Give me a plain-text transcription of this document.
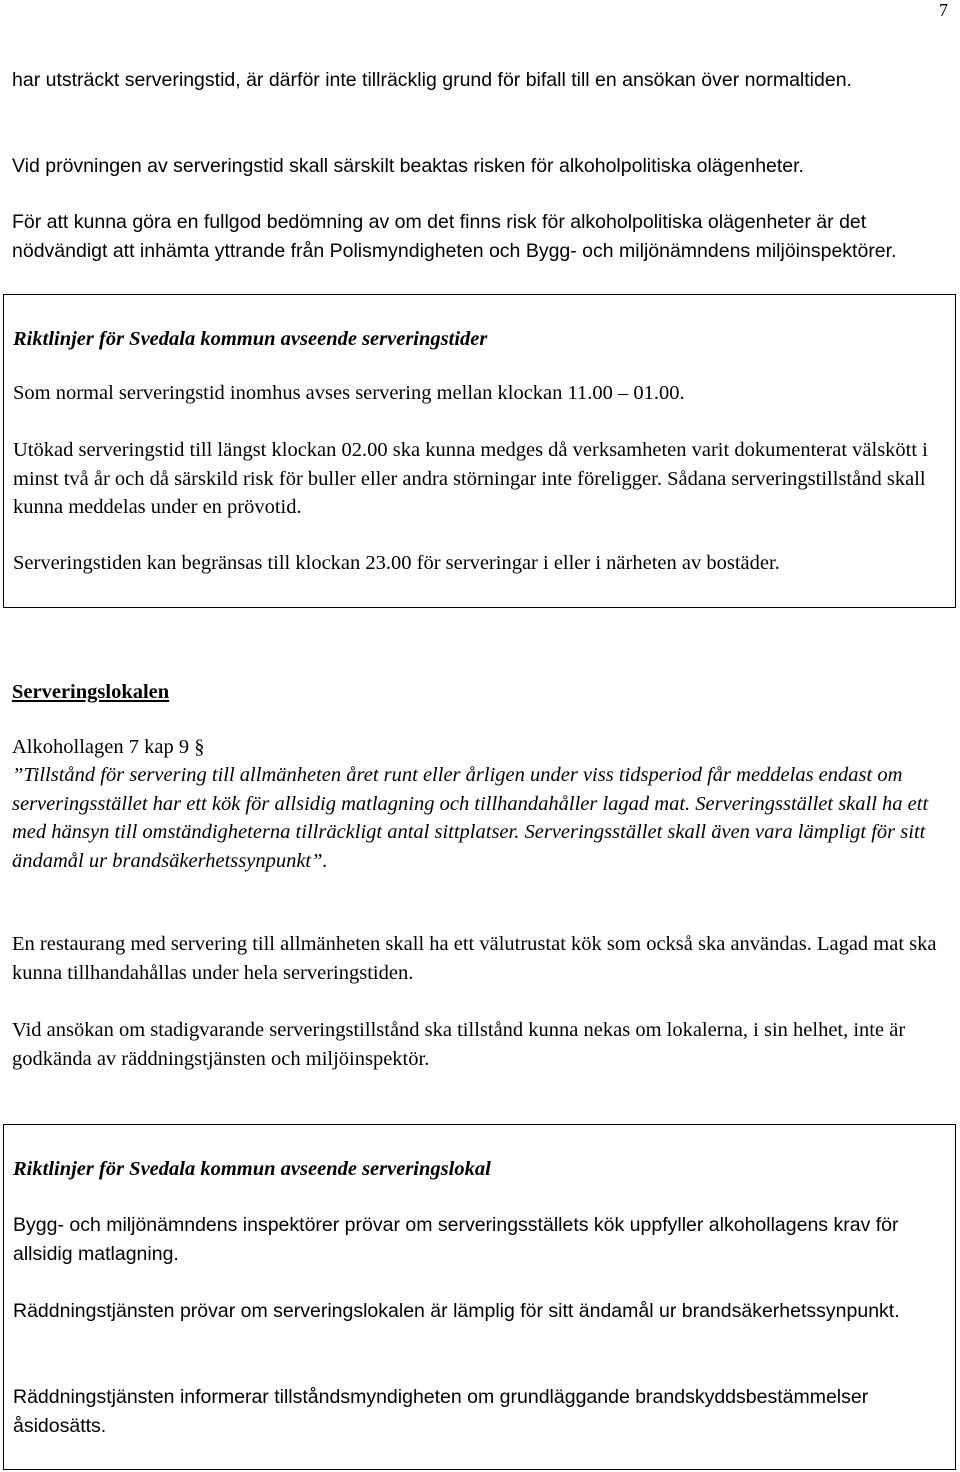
7

har utsträckt serveringstid, är därför inte tillräcklig grund för bifall till en ansökan över normaltiden.

Vid prövningen av serveringstid skall särskilt beaktas risken för alkoholpolitiska olägenheter.

För att kunna göra en fullgod bedömning av om det finns risk för alkoholpolitiska olägenheter är det nödvändigt att inhämta yttrande från Polismyndigheten och Bygg- och miljönämndens miljöinspektörer.

Riktlinjer för Svedala kommun avseende serveringstider

Som normal serveringstid inomhus avses servering mellan klockan 11.00 – 01.00.

Utökad serveringstid till längst klockan 02.00 ska kunna medges då verksamheten varit dokumenterat välskött i minst två år och då särskild risk för buller eller andra störningar inte föreligger. Sådana serveringstillstånd skall kunna meddelas under en prövotid.

Serveringstiden kan begränsas till klockan 23.00 för serveringar i eller i närheten av bostäder.

Serveringslokalen

Alkohollagen 7 kap 9 §

”Tillstånd för servering till allmänheten året runt eller årligen under viss tidsperiod får meddelas endast om serveringsstället har ett kök för allsidig matlagning och tillhandahåller lagad mat. Serveringsstället skall ha ett med hänsyn till omständigheterna tillräckligt antal sittplatser. Serveringsstället skall även vara lämpligt för sitt ändamål ur brandsäkerhetssynpunkt”.

En restaurang med servering till allmänheten skall ha ett välutrustat kök som också ska användas. Lagad mat ska kunna tillhandahållas under hela serveringstiden.

Vid ansökan om stadigvarande serveringstillstånd ska tillstånd kunna nekas om lokalerna, i sin helhet, inte är godkända av räddningstjänsten och miljöinspektör.

Riktlinjer för Svedala kommun avseende serveringslokal

Bygg- och miljönämndens inspektörer prövar om serveringsställets kök uppfyller alkohollagens krav för allsidig matlagning.

Räddningstjänsten prövar om serveringslokalen är lämplig för sitt ändamål ur brandsäkerhetssynpunkt.

Räddningstjänsten informerar tillståndsmyndigheten om grundläggande brandskyddsbestämmelser åsidosätts.
